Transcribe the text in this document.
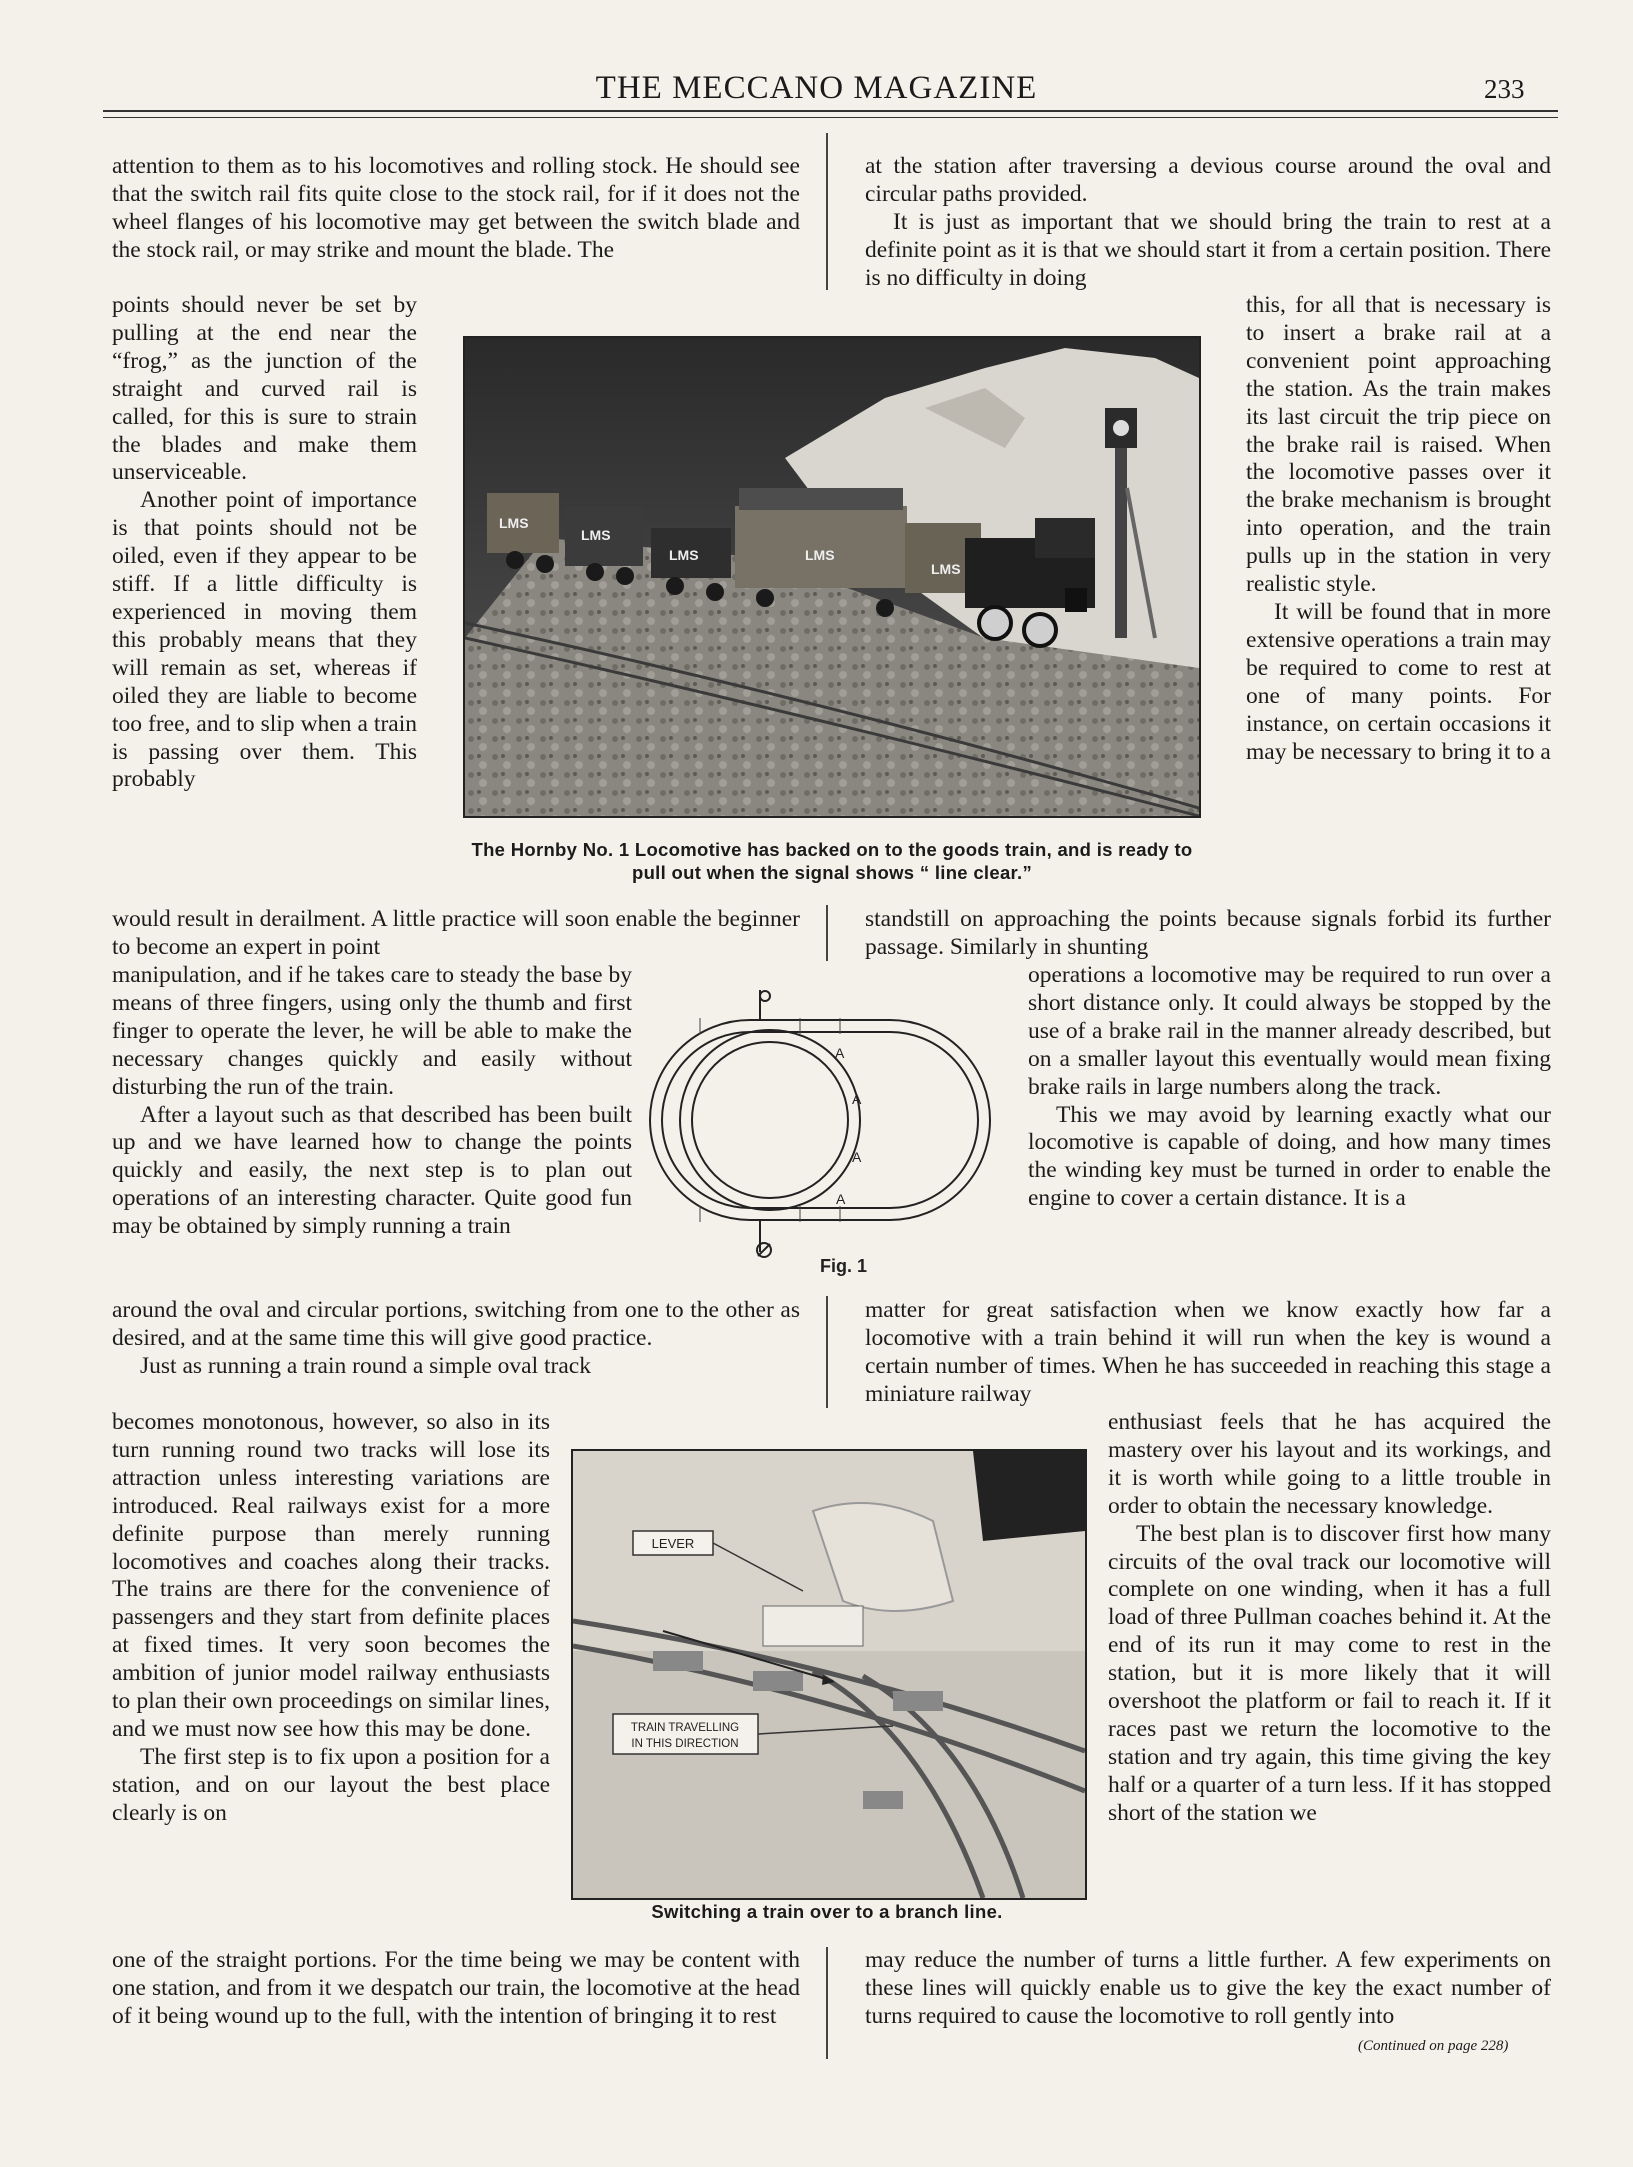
THE MECCANO MAGAZINE	233

attention to them as to his locomotives and rolling stock. He should see that the switch rail fits quite close to the stock rail, for if it does not the wheel flanges of his locomotive may get between the switch blade and the stock rail, or may strike and mount the blade. The

points should never be set by pulling at the end near the “frog,” as the junction of the straight and curved rail is called, for this is sure to strain the blades and make them unserviceable.

Another point of importance is that points should not be oiled, even if they appear to be stiff. If a little difficulty is experienced in moving them this probably means that they will remain as set, whereas if oiled they are liable to become too free, and to slip when a train is passing over them. This probably

would result in derailment. A little practice will soon enable the beginner to become an expert in point

manipulation, and if he takes care to steady the base by means of three fingers, using only the thumb and first finger to operate the lever, he will be able to make the necessary changes quickly and easily without disturbing the run of the train.

After a layout such as that described has been built up and we have learned how to change the points quickly and easily, the next step is to plan out operations of an interesting character. Quite good fun may be obtained by simply running a train

around the oval and circular portions, switching from one to the other as desired, and at the same time this will give good practice.

Just as running a train round a simple oval track

becomes monotonous, however, so also in its turn running round two tracks will lose its attraction unless interesting variations are introduced. Real railways exist for a more definite purpose than merely running locomotives and coaches along their tracks. The trains are there for the convenience of passengers and they start from definite places at fixed times. It very soon becomes the ambition of junior model railway enthusiasts to plan their own proceedings on similar lines, and we must now see how this may be done.

The first step is to fix upon a position for a station, and on our layout the best place clearly is on

one of the straight portions. For the time being we may be content with one station, and from it we despatch our train, the locomotive at the head of it being wound up to the full, with the intention of bringing it to rest

at the station after traversing a devious course around the oval and circular paths provided.

It is just as important that we should bring the train to rest at a definite point as it is that we should start it from a certain position. There is no difficulty in doing

this, for all that is necessary is to insert a brake rail at a convenient point approaching the station. As the train makes its last circuit the trip piece on the brake rail is raised. When the locomotive passes over it the brake mechanism is brought into operation, and the train pulls up in the station in very realistic style.

It will be found that in more extensive operations a train may be required to come to rest at one of many points. For instance, on certain occasions it may be necessary to bring it to a

standstill on approaching the points because signals forbid its further passage. Similarly in shunting

operations a locomotive may be required to run over a short distance only. It could always be stopped by the use of a brake rail in the manner already described, but on a smaller layout this eventually would mean fixing brake rails in large numbers along the track.

This we may avoid by learning exactly what our locomotive is capable of doing, and how many times the winding key must be turned in order to enable the engine to cover a certain distance. It is a

matter for great satisfaction when we know exactly how far a locomotive with a train behind it will run when the key is wound a certain number of times. When he has succeeded in reaching this stage a miniature railway

enthusiast feels that he has acquired the mastery over his layout and its workings, and it is worth while going to a little trouble in order to obtain the necessary knowledge.

The best plan is to discover first how many circuits of the oval track our locomotive will complete on one winding, when it has a full load of three Pullman coaches behind it. At the end of its run it may come to rest in the station, but it is more likely that it will overshoot the platform or fail to reach it. If it races past we return the locomotive to the station and try again, this time giving the key half or a quarter of a turn less. If it has stopped short of the station we

may reduce the number of turns a little further. A few experiments on these lines will quickly enable us to give the key the exact number of turns required to cause the locomotive to roll gently into

(Continued on page 228)
LMS
LMS
LMS	LMS
LMS
The Hornby No. 1 Locomotive has backed on to the goods train, and is ready to pull out when the signal shows “ line clear.”
A
A
A
A
Fig. 1
LEVER
TRAIN TRAVELLING
IN THIS DIRECTION
Switching a train over to a branch line.
